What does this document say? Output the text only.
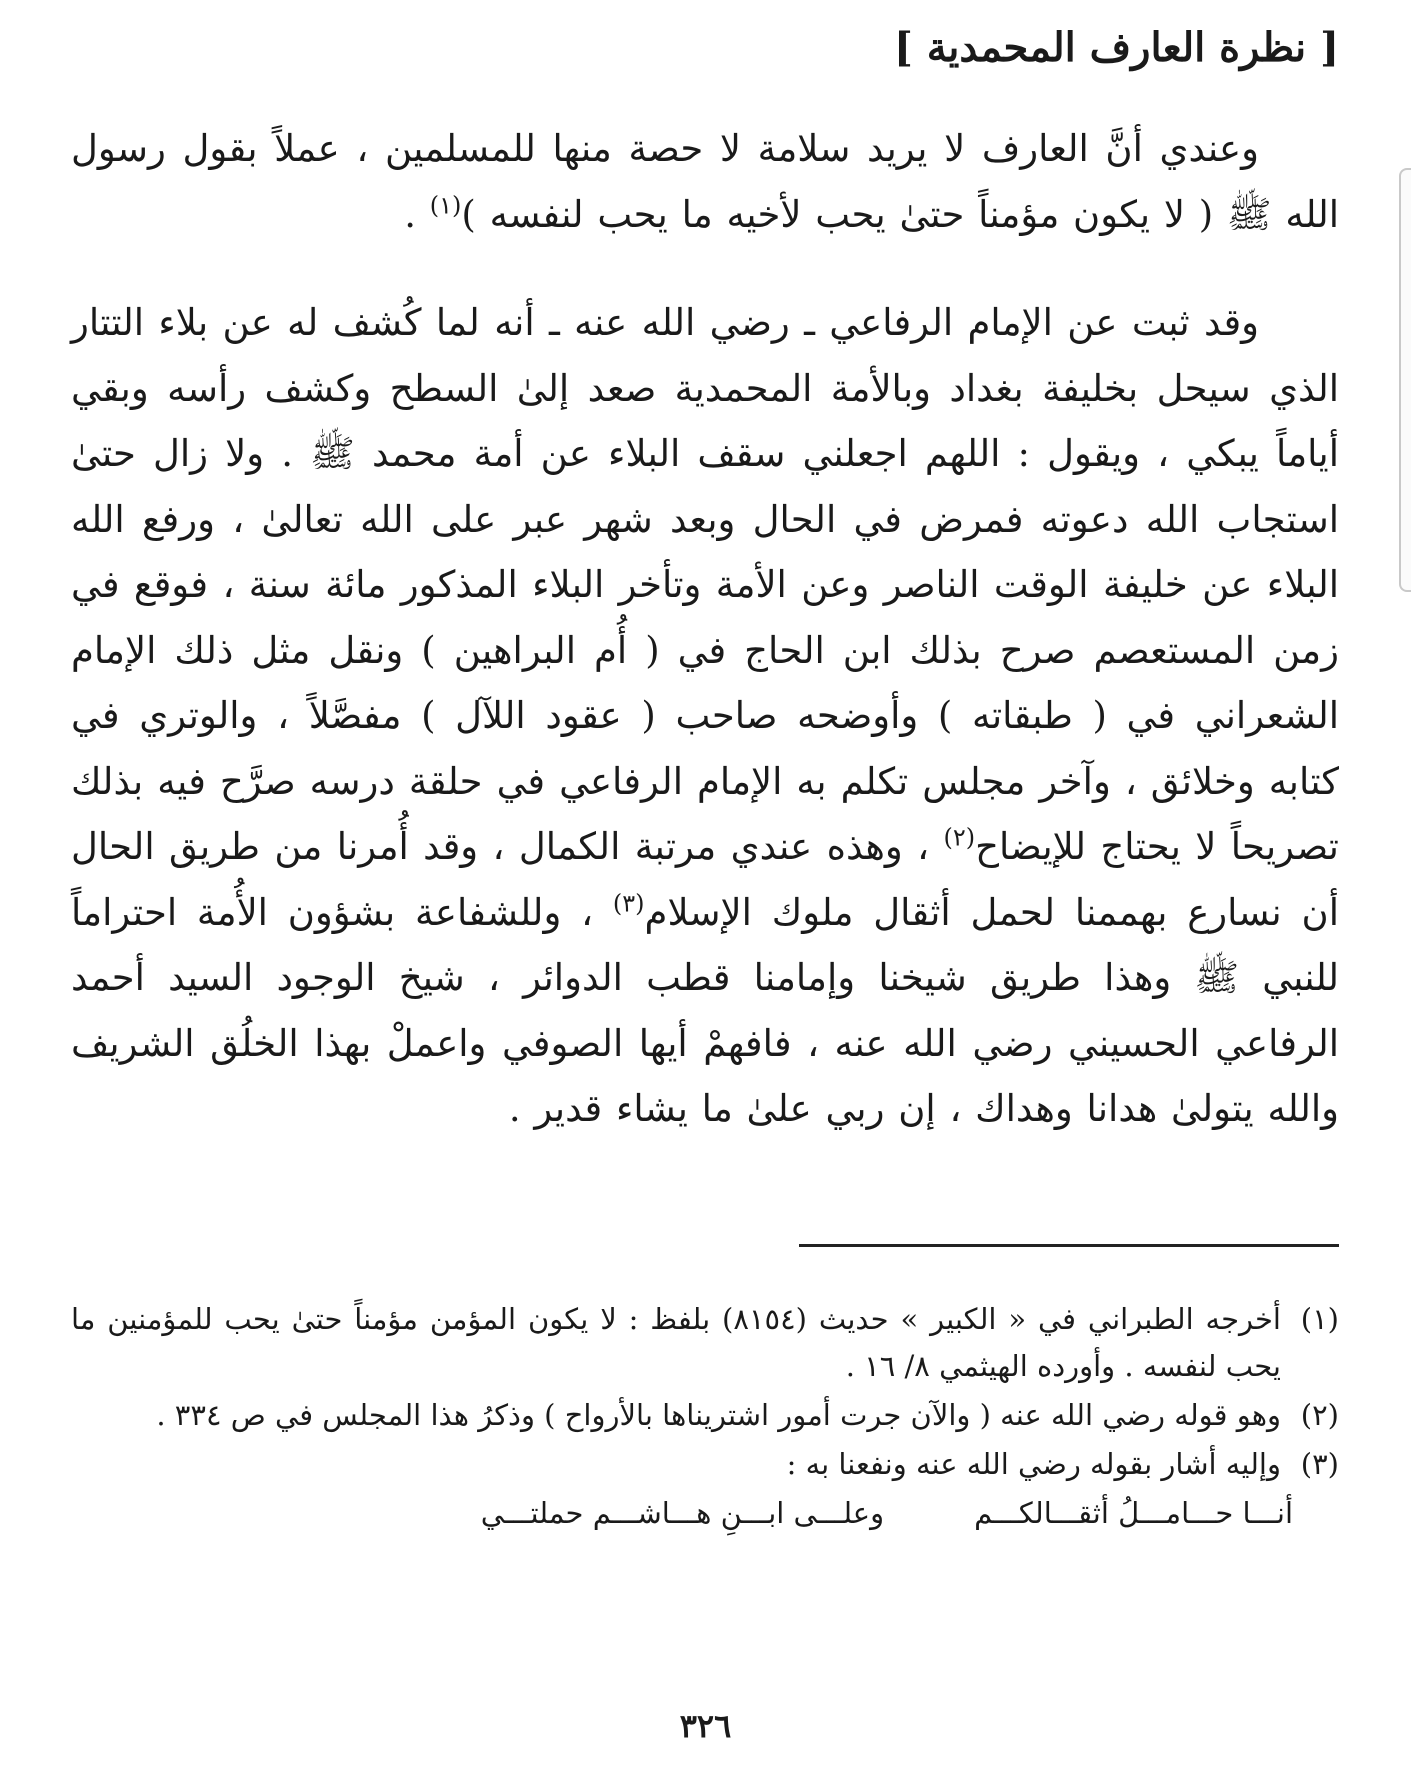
[ نظرة العارف المحمدية ]

وعندي أنَّ العارف لا يريد سلامة لا حصة منها للمسلمين ، عملاً بقول رسول الله ﷺ ( لا يكون مؤمناً حتىٰ يحب لأخيه ما يحب لنفسه )$^{(١)}$ .

وقد ثبت عن الإمام الرفاعي ـ رضي الله عنه ـ أنه لما كُشف له عن بلاء التتار الذي سيحل بخليفة بغداد وبالأمة المحمدية صعد إلىٰ السطح وكشف رأسه وبقي أياماً يبكي ، ويقول : اللهم اجعلني سقف البلاء عن أمة محمد ﷺ . ولا زال حتىٰ استجاب الله دعوته فمرض في الحال وبعد شهر عبر على الله تعالىٰ ، ورفع الله البلاء عن خليفة الوقت الناصر وعن الأمة وتأخر البلاء المذكور مائة سنة ، فوقع في زمن المستعصم صرح بذلك ابن الحاج في ( أُم البراهين ) ونقل مثل ذلك الإمام الشعراني في ( طبقاته ) وأوضحه صاحب ( عقود اللآل ) مفصَّلاً ، والوتري في كتابه وخلائق ، وآخر مجلس تكلم به الإمام الرفاعي في حلقة درسه صرَّح فيه بذلك تصريحاً لا يحتاج للإيضاح$^{(٢)}$ ، وهذه عندي مرتبة الكمال ، وقد أُمرنا من طريق الحال أن نسارع بهممنا لحمل أثقال ملوك الإسلام$^{(٣)}$ ، وللشفاعة بشؤون الأُمة احتراماً للنبي ﷺ وهذا طريق شيخنا وإمامنا قطب الدوائر ، شيخ الوجود السيد أحمد الرفاعي الحسيني رضي الله عنه ، فافهمْ أيها الصوفي واعملْ بهذا الخلُق الشريف والله يتولىٰ هدانا وهداك ، إن ربي علىٰ ما يشاء قدير .

(١)
أخرجه الطبراني في « الكبير » حديث (٨١٥٤) بلفظ : لا يكون المؤمن مؤمناً حتىٰ يحب للمؤمنين ما يحب لنفسه . وأورده الهيثمي ٨/ ١٦ .
(٢)
وهو قوله رضي الله عنه ( والآن جرت أمور اشتريناها بالأرواح ) وذكرُ هذا المجلس في ص ٣٣٤ .
(٣)
وإليه أشار بقوله رضي الله عنه ونفعنا به :
أنـــا حـــامـــلُ أثقـــالكـــم
وعلـــى ابـــنِ هـــاشـــم حملتـــي
٣٢٦
